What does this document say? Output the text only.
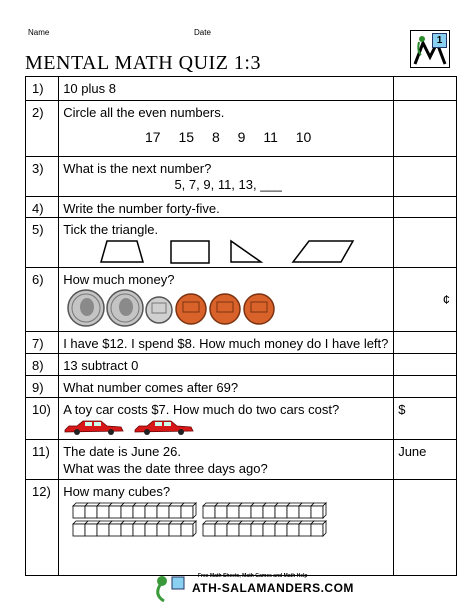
Name	Date
MENTAL MATH QUIZ 1:3
1
1)	10 plus 8	

2)	Circle all the even numbers.
17 15 8 9 11 10	

3)	What is the next number?
5, 7, 9, 11, 13, ___	

4)	Write the number forty-five.	

5)	Tick the triangle.	

6)	How much money?	¢

7)	I have $12. I spend $8. How much money do I have left?	

8)	13 subtract 0	

9)	What number comes after 69?	

10)	A toy car costs $7. How much do two cars cost?	$

11)	The date is June 26.
What was the date three days ago?	June

12)	How many cubes?	

Free Math Sheets, Math Games and Math Help
ATH-SALAMANDERS.COM
